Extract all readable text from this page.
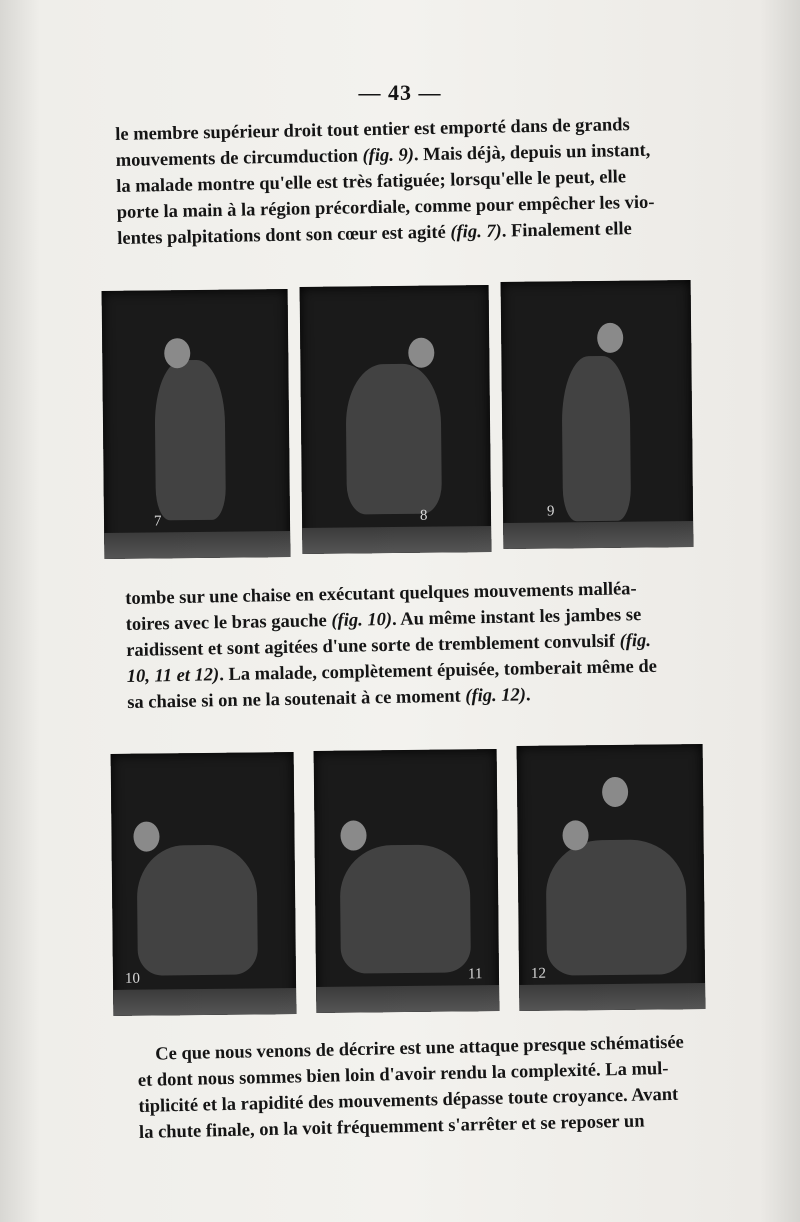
— 43 —
le membre supérieur droit tout entier est emporté dans de grands
mouvements de circumduction (fig. 9). Mais déjà, depuis un instant,
la malade montre qu'elle est très fatiguée; lorsqu'elle le peut, elle
porte la main à la région précordiale, comme pour empêcher les vio-
lentes palpitations dont son cœur est agité (fig. 7). Finalement elle
7	8	9
tombe sur une chaise en exécutant quelques mouvements malléa-
toires avec le bras gauche (fig. 10). Au même instant les jambes se
raidissent et sont agitées d'une sorte de tremblement convulsif (fig.
10, 11 et 12). La malade, complètement épuisée, tomberait même de
sa chaise si on ne la soutenait à ce moment (fig. 12).
10	11	12
Ce que nous venons de décrire est une attaque presque schématisée
et dont nous sommes bien loin d'avoir rendu la complexité. La mul-
tiplicité et la rapidité des mouvements dépasse toute croyance. Avant
la chute finale, on la voit fréquemment s'arrêter et se reposer un
